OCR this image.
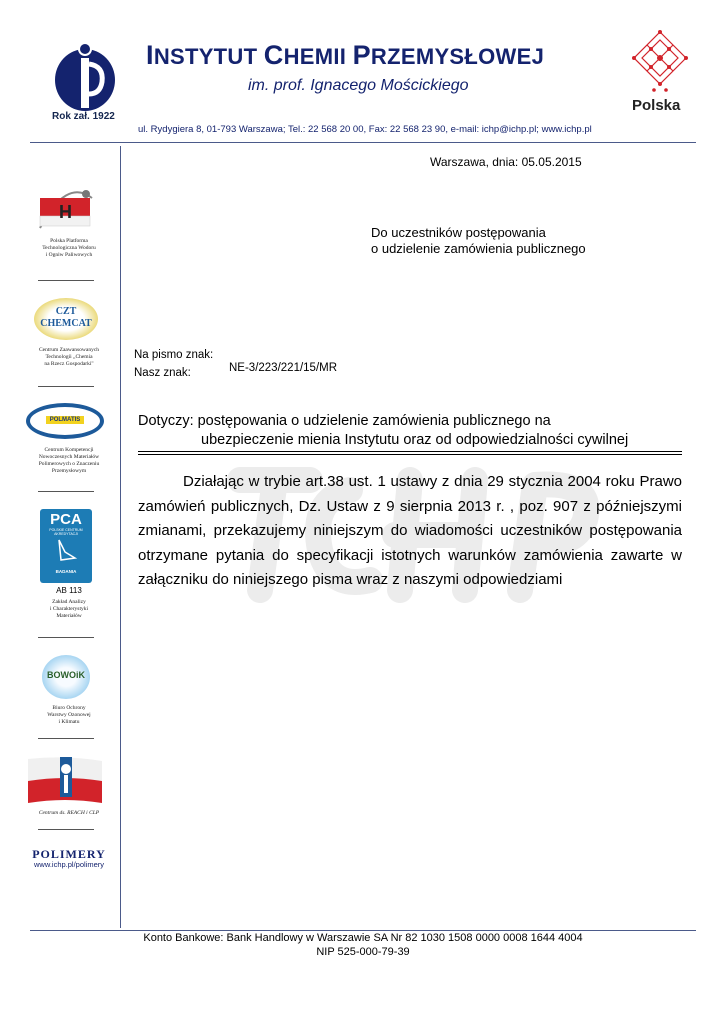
Rok zał. 1922
INSTYTUT CHEMII PRZEMYSŁOWEJ
im. prof. Ignacego Mościckiego
ul. Rydygiera 8, 01-793 Warszawa; Tel.: 22 568 20 00, Fax: 22 568 23 90, e-mail: ichp@ichp.pl; www.ichp.pl
Polska
H
Polska Platforma
Technologiczna Wodoru
i Ogniw Paliwowych
CZT
CHEMCAT
Centrum Zaawansowanych
Technologii „Chemia
na Rzecz Gospodarki"
POLMATIS
Centrum Kompetencji
Nowoczesnych Materiałów
Polimerowych o Znaczeniu
Przemysłowym
PCA
POLSKIE CENTRUM
AKREDYTACJI
BADANIA
AB 113
Zakład Analizy
i Charakterystyki
Materiałów
BOWOiK
Biuro Ochrony
Warstwy Ozonowej
i Klimatu
Centrum ds. REACH i CLP
POLIMERY
www.ichp.pl/polimery
Warszawa, dnia: 05.05.2015
Do uczestników postępowania
o udzielenie zamówienia publicznego
Na pismo znak:
Nasz znak:	NE-3/223/221/15/MR
Dotyczy: postępowania o udzielenie zamówienia publicznego na
ubezpieczenie mienia Instytutu oraz od odpowiedzialności cywilnej
Działając w trybie art.38 ust. 1 ustawy z dnia 29 stycznia 2004 roku Prawo zamówień publicznych, Dz. Ustaw z 9 sierpnia 2013 r. , poz. 907 z późniejszymi zmianami, przekazujemy niniejszym do wiadomości uczestników postępowania otrzymane pytania do specyfikacji istotnych warunków zamówienia zawarte w załączniku do niniejszego pisma wraz z naszymi odpowiedziami
Konto Bankowe: Bank Handlowy w Warszawie SA Nr 82 1030 1508 0000 0008 1644 4004
NIP 525-000-79-39
